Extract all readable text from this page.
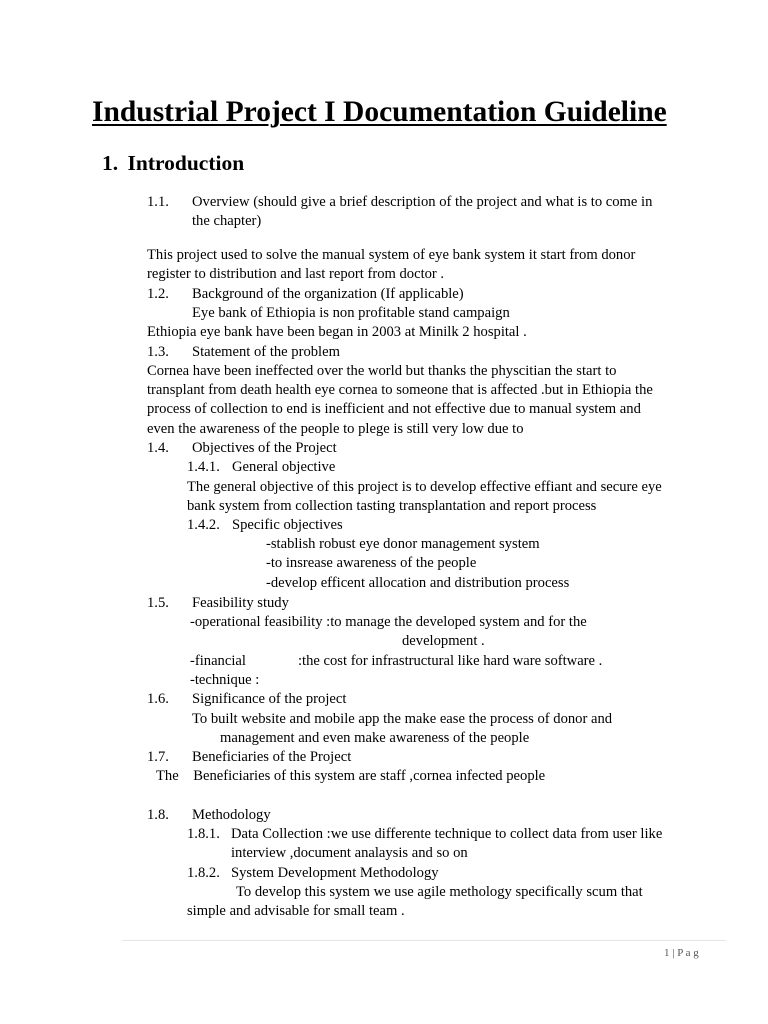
Industrial Project I Documentation Guideline
1. Introduction
1.1. Overview (should give a brief description of the project and what is to come in
the chapter)
This project used to solve the manual system of eye bank system it start from donor
register to distribution and last report from doctor .
1.2. Background of the organization (If applicable)
Eye bank of Ethiopia is non profitable stand campaign
Ethiopia eye bank have been began in 2003 at Minilk 2 hospital .
1.3. Statement of the problem
Cornea have been ineffected over the world but thanks the physcitian the start to
transplant from death health eye cornea to someone that is affected .but in Ethiopia the
process of collection to end is inefficient and not effective due to manual system and
even the awareness of the people to plege is still very low due to
1.4. Objectives of the Project
1.4.1. General objective
The general objective of this project is to develop effective effiant and secure eye
bank system from collection tasting transplantation and report process
1.4.2. Specific objectives
-stablish robust eye donor management system
-to insrease awareness of the people
-develop efficent allocation and distribution process
1.5. Feasibility study
-operational feasibility :to manage the developed system and for the
development .
-financial	:the cost for infrastructural like hard ware software .
-technique :
1.6. Significance of the project
To built website and mobile app the make ease the process of donor and
management and even make awareness of the people
1.7. Beneficiaries of the Project
The    Beneficiaries of this system are staff ,cornea infected people
1.8. Methodology
1.8.1. Data Collection :we use differente technique to collect data from user like
interview ,document analaysis and so on
1.8.2. System Development Methodology
To develop this system we use agile methology specifically scum that
simple and advisable for small team .
1 | P a g
